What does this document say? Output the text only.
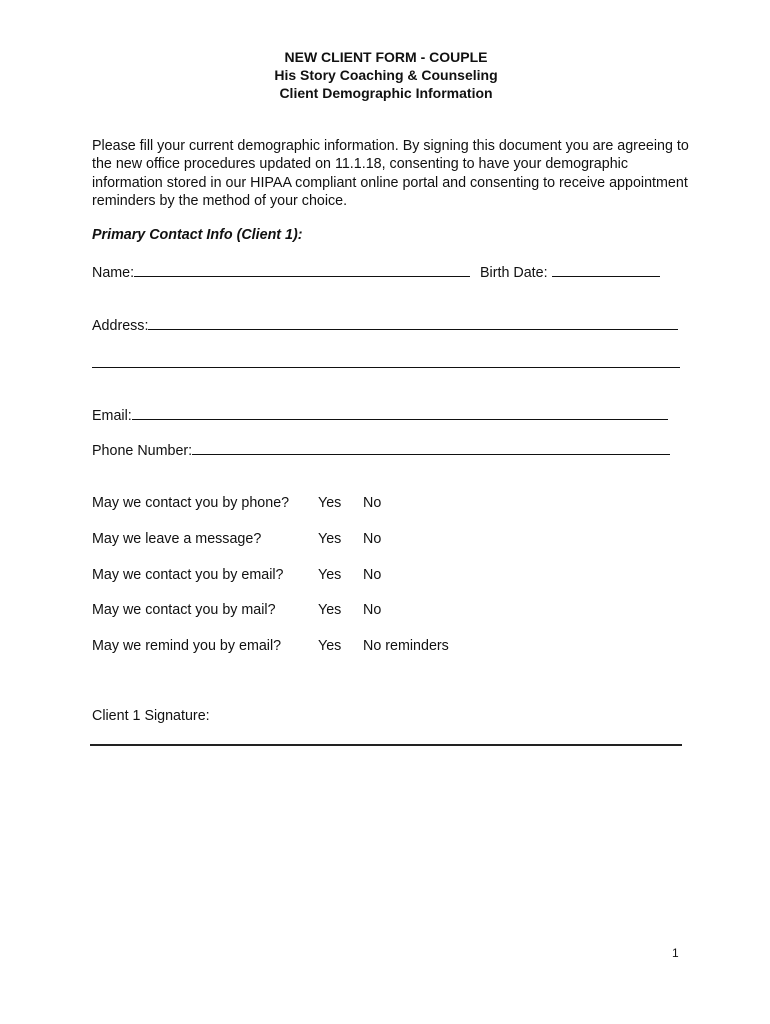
NEW CLIENT FORM - COUPLE
His Story Coaching & Counseling
Client Demographic Information
Please fill your current demographic information. By signing this document you are agreeing to the new office procedures updated on 11.1.18, consenting to have your demographic information stored in our HIPAA compliant online portal and consenting to receive appointment reminders by the method of your choice.
Primary Contact Info (Client 1):
Name:	Birth Date:
Address:
Email:
Phone Number:
May we contact you by phone? Yes No
May we leave a message?	Yes No
May we contact you by email? Yes No
May we contact you by mail?	Yes No
May we remind you by email?	Yes No reminders
Client 1 Signature:
1
